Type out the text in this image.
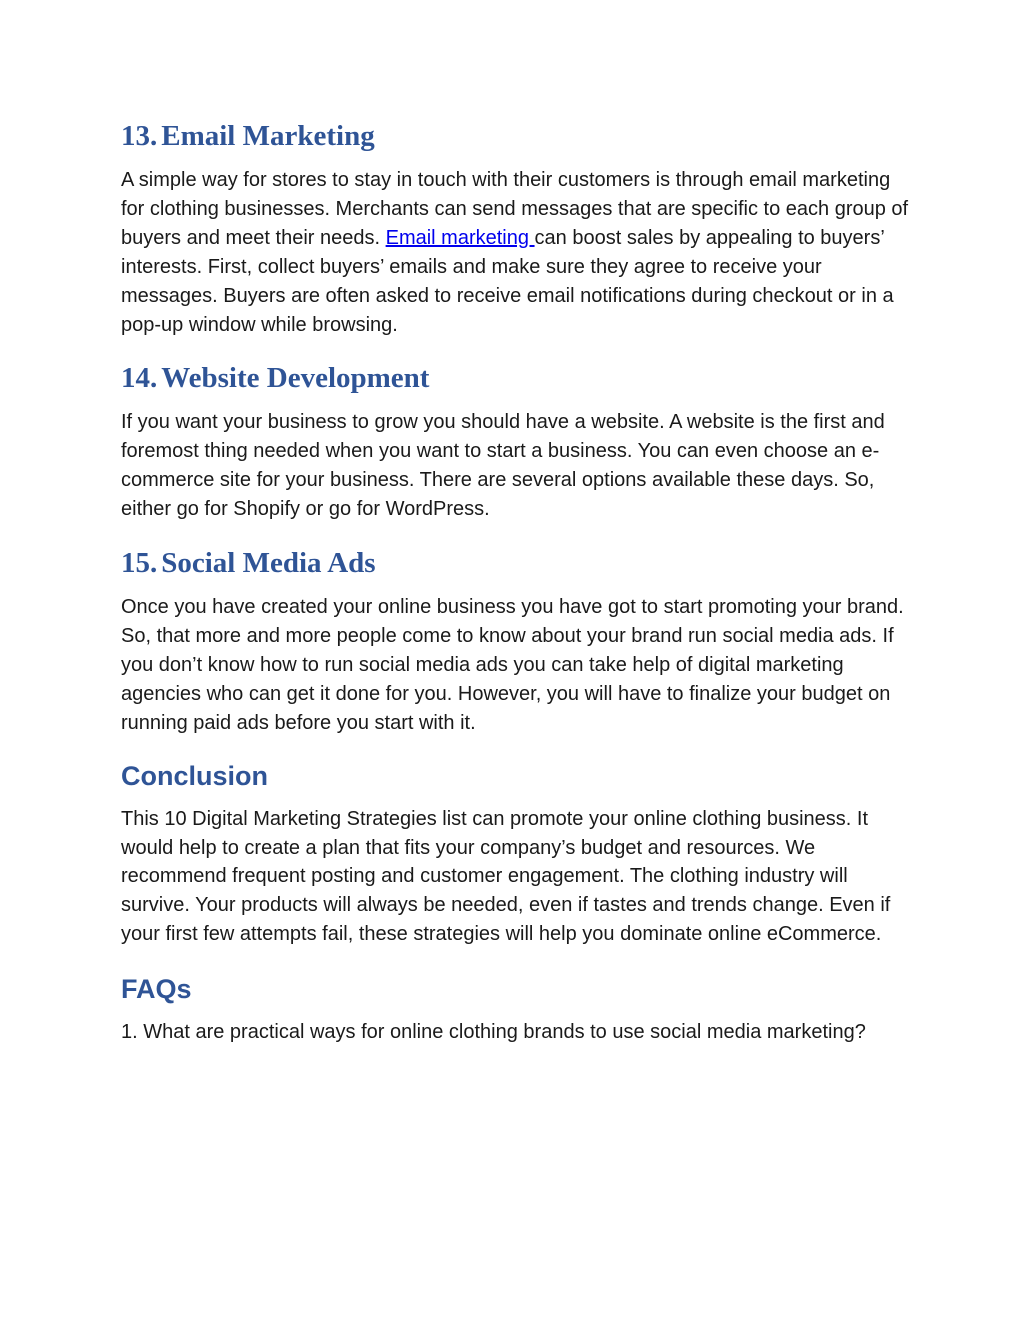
13. Email Marketing

A simple way for stores to stay in touch with their customers is through email marketing for clothing businesses. Merchants can send messages that are specific to each group of buyers and meet their needs. Email marketing can boost sales by appealing to buyers’ interests. First, collect buyers’ emails and make sure they agree to receive your messages. Buyers are often asked to receive email notifications during checkout or in a pop-up window while browsing.

14. Website Development

If you want your business to grow you should have a website. A website is the first and foremost thing needed when you want to start a business. You can even choose an e-commerce site for your business. There are several options available these days. So, either go for Shopify or go for WordPress.

15. Social Media Ads

Once you have created your online business you have got to start promoting your brand. So, that more and more people come to know about your brand run social media ads. If you don’t know how to run social media ads you can take help of digital marketing agencies who can get it done for you. However, you will have to finalize your budget on running paid ads before you start with it.

Conclusion

This 10 Digital Marketing Strategies list can promote your online clothing business. It would help to create a plan that fits your company’s budget and resources. We recommend frequent posting and customer engagement. The clothing industry will survive. Your products will always be needed, even if tastes and trends change. Even if your first few attempts fail, these strategies will help you dominate online eCommerce.

FAQs

1. What are practical ways for online clothing brands to use social media marketing?
